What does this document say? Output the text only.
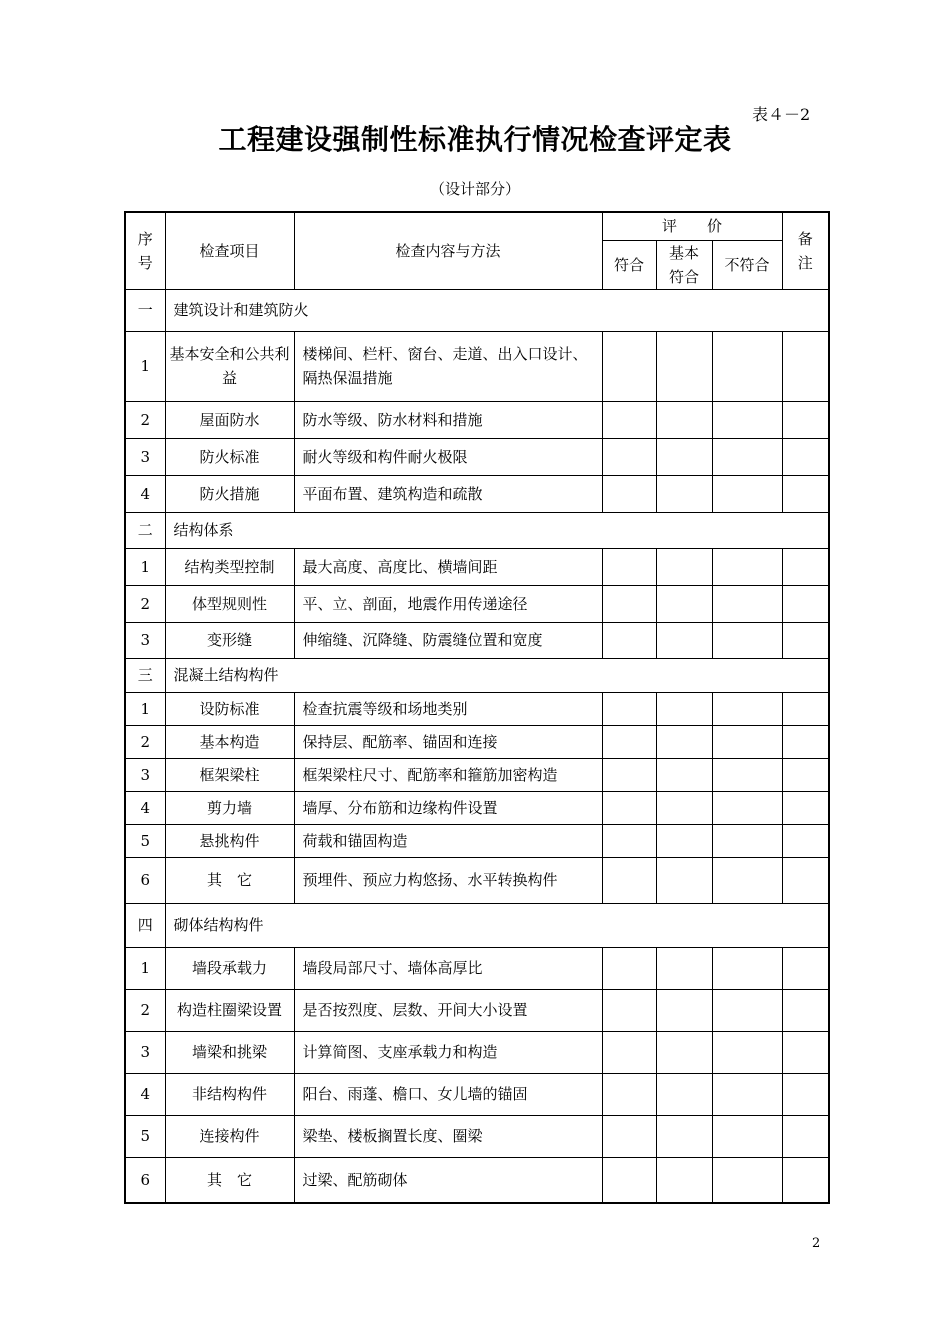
表４－2
工程建设强制性标准执行情况检查评定表
（设计部分）
序号	检查项目	检查内容与方法	评　　价			备注

			符合	基本符合	不符合	
一	建筑设计和建筑防火					
1	基本安全和公共利益	楼梯间、栏杆、窗台、走道、出入口设计、隔热保温措施				
2	屋面防水	防水等级、防水材料和措施				
3	防火标准	耐火等级和构件耐火极限				
4	防火措施	平面布置、建筑构造和疏散				
二	结构体系					
1	结构类型控制	最大高度、高度比、横墙间距				
2	体型规则性	平、立、剖面，地震作用传递途径				
3	变形缝	伸缩缝、沉降缝、防震缝位置和宽度				
三	混凝土结构构件					
1	设防标准	检查抗震等级和场地类别				
2	基本构造	保持层、配筋率、锚固和连接				
3	框架梁柱	框架梁柱尺寸、配筋率和箍筋加密构造				
4	剪力墙	墙厚、分布筋和边缘构件设置				
5	悬挑构件	荷载和锚固构造				
6	其　它	预埋件、预应力构悠扬、水平转换构件				
四	砌体结构构件					
1	墙段承载力	墙段局部尺寸、墙体高厚比				
2	构造柱圈梁设置	是否按烈度、层数、开间大小设置				
3	墙梁和挑梁	计算简图、支座承载力和构造				
4	非结构构件	阳台、雨蓬、檐口、女儿墙的锚固				
5	连接构件	梁垫、楼板搁置长度、圈梁				
6	其　它	过梁、配筋砌体				
2
